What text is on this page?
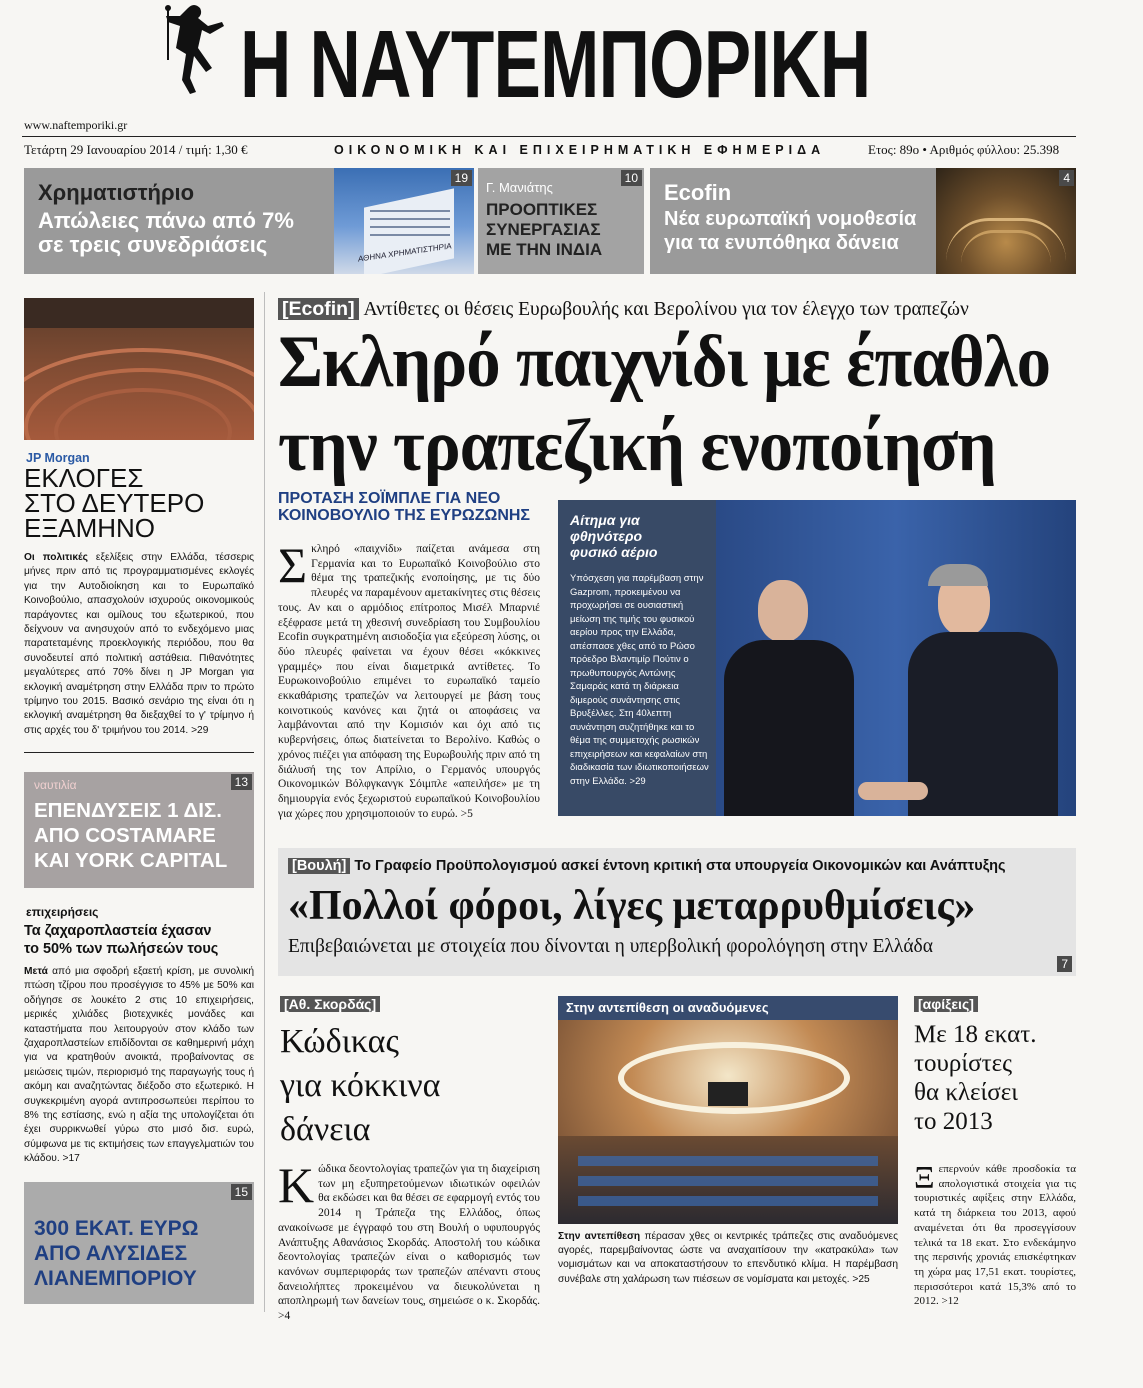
Η ΝΑΥΤΕΜΠΟΡΙΚΗ
www.naftemporiki.gr
Τετάρτη 29 Ιανουαρίου 2014 / τιμή: 1,30 €	ΟΙΚΟΝΟΜΙΚΗ ΚΑΙ ΕΠΙΧΕΙΡΗΜΑΤΙΚΗ ΕΦΗΜΕΡΙΔΑ	Ετος: 89ο • Αριθμός φύλλου: 25.398
Χρηματιστήριο
Απώλειες πάνω από 7%
σε τρεις συνεδριάσεις	ΑΘΗΝΑ ΧΡΗΜΑΤΙΣΤΗΡΙΑ
19
Γ. Μανιάτης
ΠΡΟΟΠΤΙΚΕΣ
ΣΥΝΕΡΓΑΣΙΑΣ
ΜΕ ΤΗΝ ΙΝΔΙΑ
10
Ecofin
Νέα ευρωπαϊκή νομοθεσία
για τα ενυπόθηκα δάνεια
4
JP Morgan
ΕΚΛΟΓΕΣ
ΣΤΟ ΔΕΥΤΕΡΟ
ΕΞΑΜΗΝΟ
Οι πολιτικές εξελίξεις στην Ελλάδα, τέσσερις μήνες πριν από τις προγραμματισμένες εκλογές για την Αυτοδιοίκηση και το Ευρωπαϊκό Κοινοβούλιο, απασχολούν ισχυρούς οικονομικούς παράγοντες και ομίλους του εξωτερικού, που δείχνουν να ανησυχούν από το ενδεχόμενο μιας παρατεταμένης προεκλογικής περιόδου, που θα συνοδευτεί από πολιτική αστάθεια. Πιθανότητες μεγαλύτερες από 70% δίνει η JP Morgan για εκλογική αναμέτρηση στην Ελλάδα πριν το πρώτο τρίμηνο του 2015. Βασικό σενάριο της είναι ότι η εκλογική αναμέτρηση θα διεξαχθεί το γ' τρίμηνο ή στις αρχές του δ' τριμήνου του 2014. >29
ναυτιλία	13
ΕΠΕΝΔΥΣΕΙΣ 1 ΔΙΣ.
ΑΠΟ COSTAMARE
ΚΑΙ YORK CAPITAL
επιχειρήσεις
Τα ζαχαροπλαστεία έχασαν
το 50% των πωλήσεών τους
Μετά από μια σφοδρή εξαετή κρίση, με συνολική πτώση τζίρου που προσέγγισε το 45% με 50% και οδήγησε σε λουκέτο 2 στις 10 επιχειρήσεις, μερικές χιλιάδες βιοτεχνικές μονάδες και καταστήματα που λειτουργούν στον κλάδο των ζαχαροπλαστείων επιδίδονται σε καθημερινή μάχη για να κρατηθούν ανοικτά, προβαίνοντας σε μειώσεις τιμών, περιορισμό της παραγωγής τους ή ακόμη και αναζητώντας διέξοδο στο εξωτερικό. Η συγκεκριμένη αγορά αντιπροσωπεύει περίπου το 8% της εστίασης, ενώ η αξία της υπολογίζεται ότι έχει συρρικνωθεί γύρω στο μισό δισ. ευρώ, σύμφωνα με τις εκτιμήσεις των επαγγελματιών του κλάδου. >17
15
300 ΕΚΑΤ. ΕΥΡΩ
ΑΠΟ ΑΛΥΣΙΔΕΣ
ΛΙΑΝΕΜΠΟΡΙΟΥ
[Ecofin] Αντίθετες οι θέσεις Ευρωβουλής και Βερολίνου για τον έλεγχο των τραπεζών
Σκληρό παιχνίδι με έπαθλο
την τραπεζική ενοποίηση
ΠΡΟΤΑΣΗ ΣΟΪΜΠΛΕ ΓΙΑ ΝΕΟ
ΚΟΙΝΟΒΟΥΛΙΟ ΤΗΣ ΕΥΡΩΖΩΝΗΣ
Σκληρό «παιχνίδι» παίζεται ανάμεσα στη Γερμανία και το Ευρωπαϊκό Κοινοβούλιο στο θέμα της τραπεζικής ενοποίησης, με τις δύο πλευρές να παραμένουν αμετακίνητες στις θέσεις τους. Αν και ο αρμόδιος επίτροπος Μισέλ Μπαρνιέ εξέφρασε μετά τη χθεσινή συνεδρίαση του Συμβουλίου Ecofin συγκρατημένη αισιοδοξία για εξεύρεση λύσης, οι δύο πλευρές φαίνεται να έχουν θέσει «κόκκινες γραμμές» που είναι διαμετρικά αντίθετες. Το Ευρωκοινοβούλιο επιμένει το ευρωπαϊκό ταμείο εκκαθάρισης τραπεζών να λειτουργεί με βάση τους κοινοτικούς κανόνες και ζητά οι αποφάσεις να λαμβάνονται από την Κομισιόν και όχι από τις κυβερνήσεις, όπως διατείνεται το Βερολίνο. Καθώς ο χρόνος πιέζει για απόφαση της Ευρωβουλής πριν από τη διάλυσή της τον Απρίλιο, ο Γερμανός υπουργός Οικονομικών Βόλφγκανγκ Σόιμπλε «απειλήσε» με τη δημιουργία ενός ξεχωριστού ευρωπαϊκού Κοινοβουλίου για χώρες που χρησιμοποιούν το ευρώ. >5
Αίτημα για
φθηνότερο
φυσικό αέριο
Υπόσχεση για παρέμβαση στην Gazprom, προκειμένου να προχωρήσει σε ουσιαστική μείωση της τιμής του φυσικού αερίου προς την Ελλάδα, απέσπασε χθες από το Ρώσο πρόεδρο Βλαντιμίρ Πούτιν ο πρωθυπουργός Αντώνης Σαμαράς κατά τη διάρκεια διμερούς συνάντησης στις Βρυξέλλες. Στη 40λεπτη συνάντηση συζητήθηκε και το θέμα της συμμετοχής ρωσικών επιχειρήσεων και κεφαλαίων στη διαδικασία των ιδιωτικοποιήσεων στην Ελλάδα. >29
[Βουλή] Το Γραφείο Προϋπολογισμού ασκεί έντονη κριτική στα υπουργεία Οικονομικών και Ανάπτυξης
«Πολλοί φόροι, λίγες μεταρρυθμίσεις»
Επιβεβαιώνεται με στοιχεία που δίνονται η υπερβολική φορολόγηση στην Ελλάδα
7
[Αθ. Σκορδάς]
Κώδικας
για κόκκινα
δάνεια
Κώδικα δεοντολογίας τραπεζών για τη διαχείριση των μη εξυπηρετούμενων ιδιωτικών οφειλών θα εκδώσει και θα θέσει σε εφαρμογή εντός του 2014 η Τράπεζα της Ελλάδος, όπως ανακοίνωσε με έγγραφό του στη Βουλή ο υφυπουργός Ανάπτυξης Αθανάσιος Σκορδάς. Αποστολή του κώδικα δεοντολογίας τραπεζών είναι ο καθορισμός των κανόνων συμπεριφοράς των τραπεζών απέναντι στους δανειολήπτες προκειμένου να διευκολύνεται η αποπληρωμή των δανείων τους, σημειώσε ο κ. Σκορδάς. >4
Στην αντεπίθεση οι αναδυόμενες
Στην αντεπίθεση πέρασαν χθες οι κεντρικές τράπεζες στις αναδυόμενες αγορές, παρεμβαίνοντας ώστε να αναχαιτίσουν την «κατρακύλα» των νομισμάτων και να αποκαταστήσουν το επενδυτικό κλίμα. Η παρέμβαση συνέβαλε στη χαλάρωση των πιέσεων σε νομίσματα και μετοχές. >25
[αφίξεις]
Με 18 εκατ.
τουρίστες
θα κλείσει
το 2013
Ξεπερνούν κάθε προσδοκία τα απολογιστικά στοιχεία για τις τουριστικές αφίξεις στην Ελλάδα, κατά τη διάρκεια του 2013, αφού αναμένεται ότι θα προσεγγίσουν τελικά τα 18 εκατ. Στο ενδεκάμηνο της περσινής χρονιάς επισκέφτηκαν τη χώρα μας 17,51 εκατ. τουρίστες, περισσότεροι κατά 15,3% από το 2012. >12
